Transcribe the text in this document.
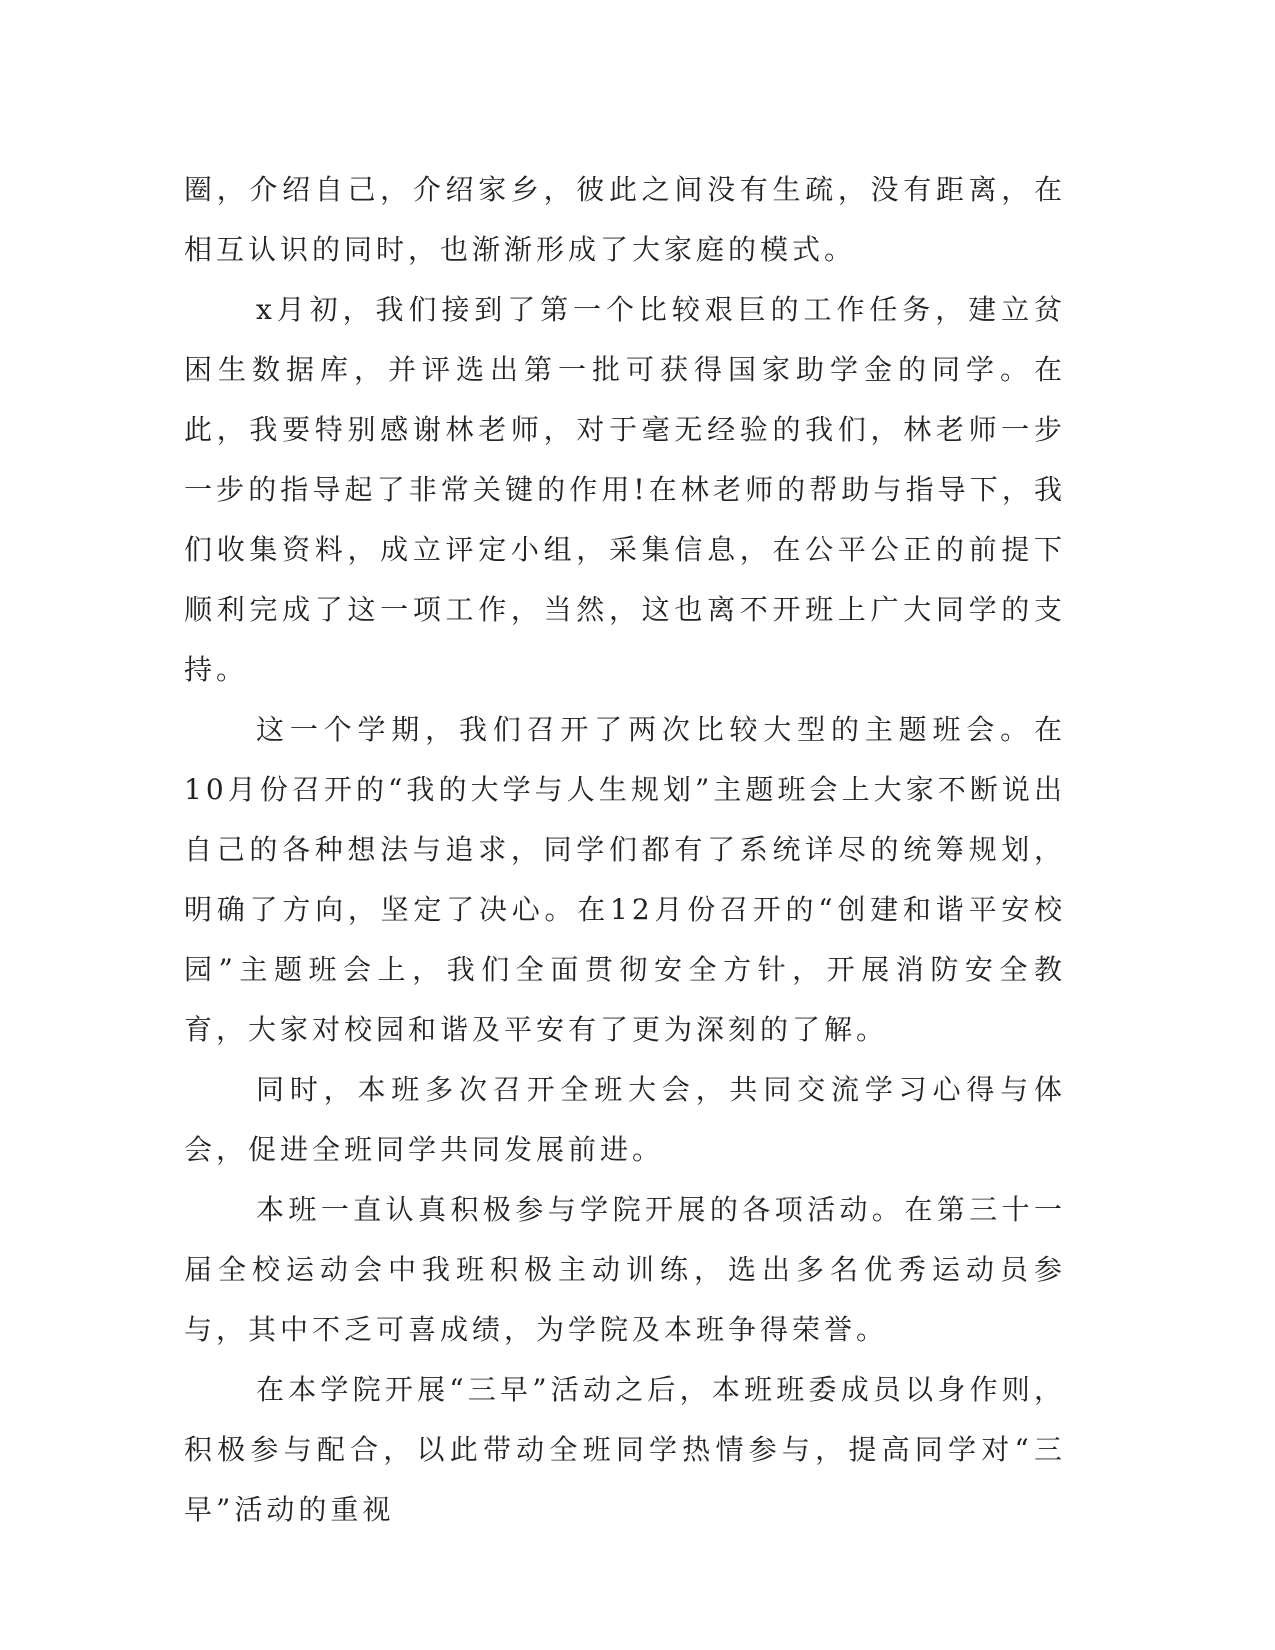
圈，介绍自己，介绍家乡，彼此之间没有生疏，没有距离，在相互认识的同时，也渐渐形成了大家庭的模式。

x月初，我们接到了第一个比较艰巨的工作任务，建立贫困生数据库，并评选出第一批可获得国家助学金的同学。在此，我要特别感谢林老师，对于毫无经验的我们，林老师一步一步的指导起了非常关键的作用!在林老师的帮助与指导下，我们收集资料，成立评定小组，采集信息，在公平公正的前提下顺利完成了这一项工作，当然，这也离不开班上广大同学的支持。

这一个学期，我们召开了两次比较大型的主题班会。在10月份召开的“我的大学与人生规划”主题班会上大家不断说出自己的各种想法与追求，同学们都有了系统详尽的统筹规划，明确了方向，坚定了决心。在12月份召开的“创建和谐平安校园”主题班会上，我们全面贯彻安全方针，开展消防安全教育，大家对校园和谐及平安有了更为深刻的了解。

同时，本班多次召开全班大会，共同交流学习心得与体会，促进全班同学共同发展前进。

本班一直认真积极参与学院开展的各项活动。在第三十一届全校运动会中我班积极主动训练，选出多名优秀运动员参与，其中不乏可喜成绩，为学院及本班争得荣誉。

在本学院开展“三早”活动之后，本班班委成员以身作则，积极参与配合，以此带动全班同学热情参与，提高同学对“三早”活动的重视
